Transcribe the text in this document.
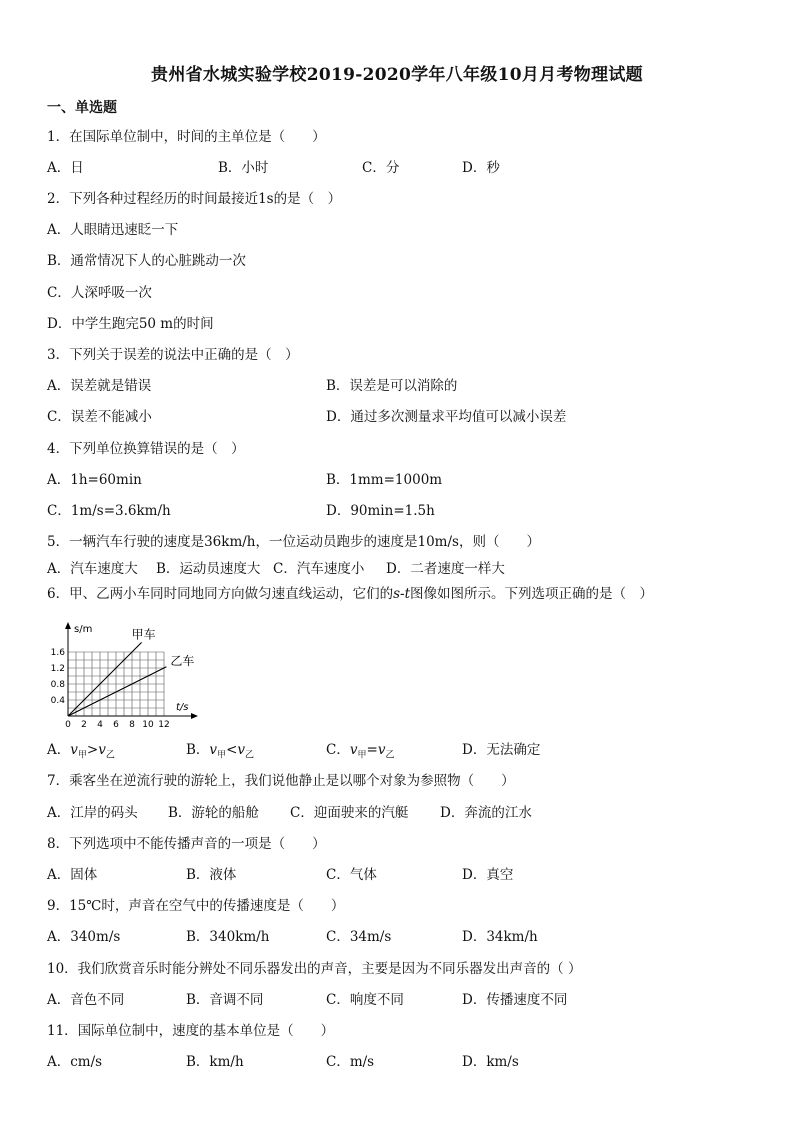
贵州省水城实验学校2019-2020学年八年级10月月考物理试题
一、单选题
1．在国际单位制中，时间的主单位是（　　）
A．日	B．小时	C．分	D．秒
2．下列各种过程经历的时间最接近1s的是（　）
A．人眼睛迅速眨一下
B．通常情况下人的心脏跳动一次
C．人深呼吸一次
D．中学生跑完50 m的时间
3．下列关于误差的说法中正确的是（　）
A．误差就是错误	B．误差是可以消除的
C．误差不能减小	D．通过多次测量求平均值可以减小误差
4．下列单位换算错误的是（　）
A．1h=60min	B．1mm=1000m
C．1m/s=3.6km/h	D．90min=1.5h
5．一辆汽车行驶的速度是36km/h，一位运动员跑步的速度是10m/s，则（　　）
A．汽车速度大 B．运动员速度大 C．汽车速度小 D．二者速度一样大
6．甲、乙两小车同时同地同方向做匀速直线运动，它们的s-t图像如图所示。下列选项正确的是（　）
0 2 4 6 8 10 12
0.4
0.8
1.2
1.6
甲车
乙车
s/m
t/s
A．$v_甲>v_乙$	B．$v_甲<v_乙$	C．$v_甲=v_乙$	D．无法确定
7．乘客坐在逆流行驶的游轮上，我们说他静止是以哪个对象为参照物（　　）
A．江岸的码头 B．游轮的船舱 C．迎面驶来的汽艇 D．奔流的江水
8．下列选项中不能传播声音的一项是（　　）
A．固体	B．液体	C．气体	D．真空
9．15℃时，声音在空气中的传播速度是（　　）
A．340m/s	B．340km/h	C．34m/s	D．34km/h
10．我们欣赏音乐时能分辨处不同乐器发出的声音，主要是因为不同乐器发出声音的（ ）
A．音色不同	B．音调不同	C．响度不同	D．传播速度不同
11．国际单位制中，速度的基本单位是（　　）
A．cm/s	B．km/h	C．m/s	D．km/s
